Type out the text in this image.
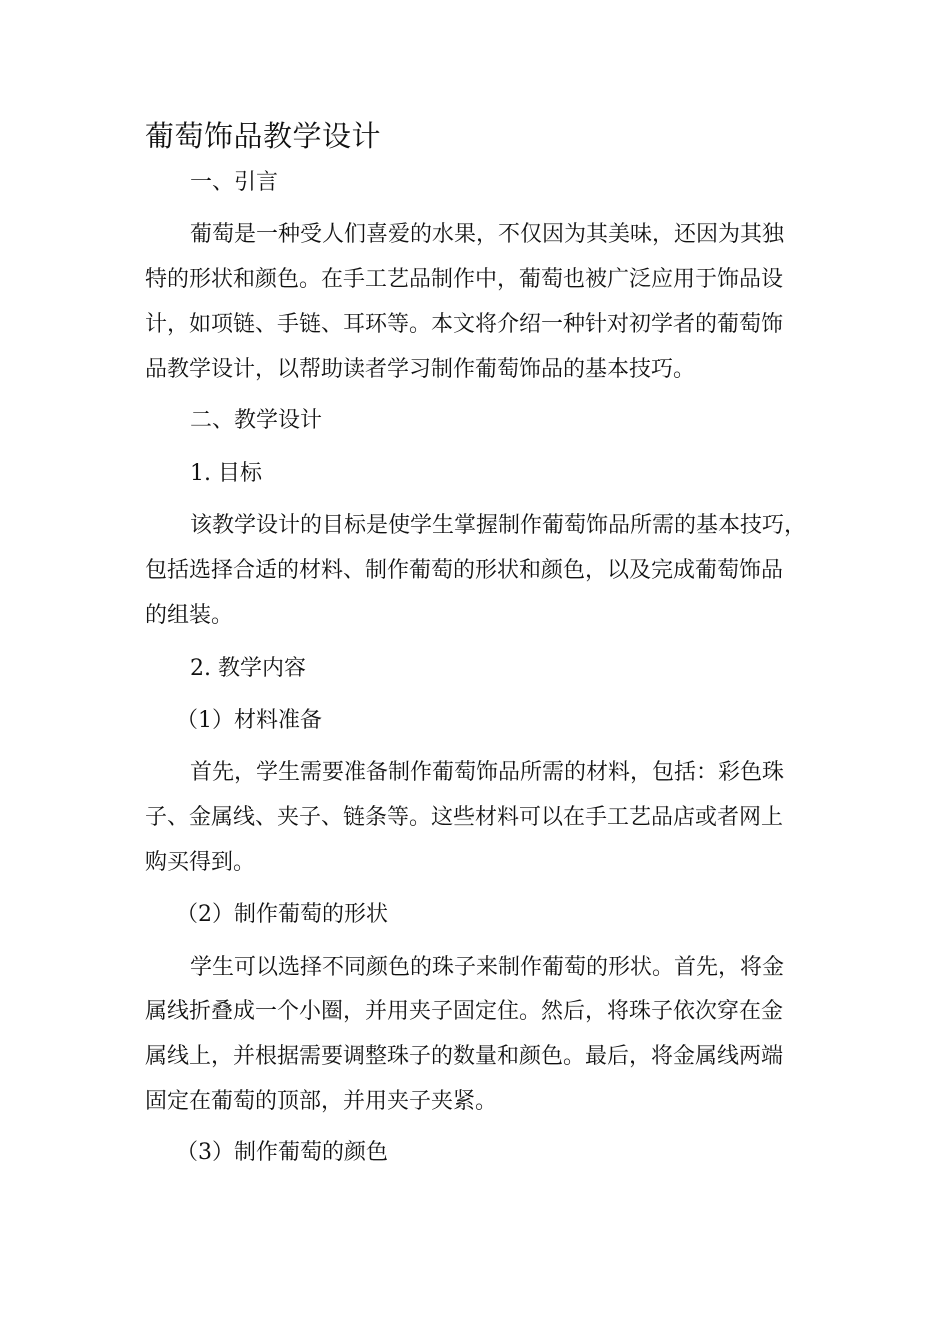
葡萄饰品教学设计

一、引言

葡萄是一种受人们喜爱的水果，不仅因为其美味，还因为其独

特的形状和颜色。在手工艺品制作中，葡萄也被广泛应用于饰品设

计，如项链、手链、耳环等。本文将介绍一种针对初学者的葡萄饰

品教学设计，以帮助读者学习制作葡萄饰品的基本技巧。

二、教学设计

1. 目标

该教学设计的目标是使学生掌握制作葡萄饰品所需的基本技巧，

包括选择合适的材料、制作葡萄的形状和颜色，以及完成葡萄饰品

的组装。

2. 教学内容

（1）材料准备

首先，学生需要准备制作葡萄饰品所需的材料，包括：彩色珠

子、金属线、夹子、链条等。这些材料可以在手工艺品店或者网上

购买得到。

（2）制作葡萄的形状

学生可以选择不同颜色的珠子来制作葡萄的形状。首先，将金

属线折叠成一个小圈，并用夹子固定住。然后，将珠子依次穿在金

属线上，并根据需要调整珠子的数量和颜色。最后，将金属线两端

固定在葡萄的顶部，并用夹子夹紧。

（3）制作葡萄的颜色
